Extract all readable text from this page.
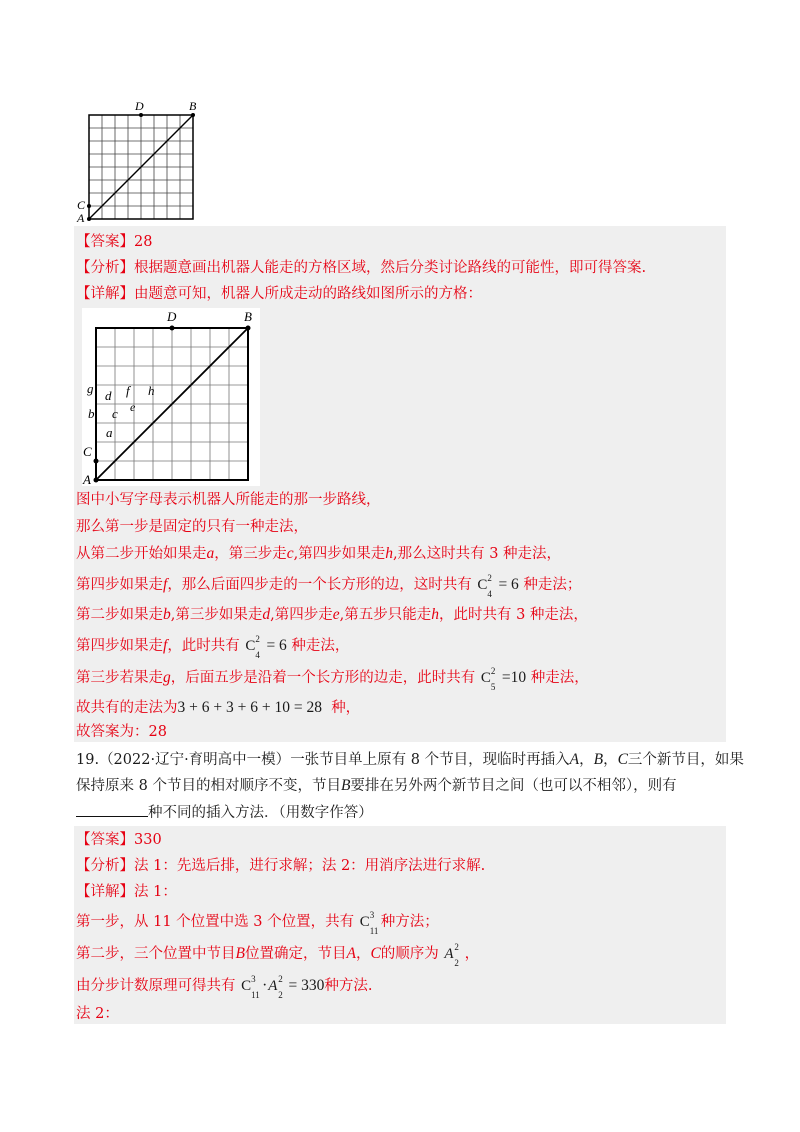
D	B
C
A
【答案】28
【分析】根据题意画出机器人能走的方格区域，然后分类讨论路线的可能性，即可得答案.
【详解】由题意可知，机器人所成走动的路线如图所示的方格：
D	B
C
A
g d f h
b c e
a
图中小写字母表示机器人所能走的那一步路线，
那么第一步是固定的只有一种走法，
从第二步开始如果走a，第三步走c,第四步如果走h,那么这时共有 3 种走法，
第四步如果走f，那么后面四步走的一个长方形的边，这时共有 C 2
4
= 6 种走法；
第二步如果走b,第三步如果走d,第四步走e,第五步只能走h，此时共有 3 种走法，
第四步如果走f，此时共有 C 2
4
= 6 种走法，
第三步若果走g，后面五步是沿着一个长方形的边走，此时共有 C 2
5
=10 种走法，
故共有的走法为3 + 6 + 3 + 6 + 10 = 28 种，
故答案为：28
19.（2022·辽宁·育明高中一模）一张节目单上原有 8 个节目，现临时再插入A，B，C三个新节目，如果
保持原来 8 个节目的相对顺序不变，节目B要排在另外两个新节目之间（也可以不相邻），则有
种不同的插入方法．（用数字作答）
【答案】330
【分析】法 1：先选后排，进行求解；法 2：用消序法进行求解.
【详解】法 1：
第一步，从 11 个位置中选 3 个位置，共有 C 3
11
种方法；
第二步，三个位置中节目B位置确定，节目A，C的顺序为 A 2
2
，
由分步计数原理可得共有 C 3
11
·A 2
2
= 330种方法.
法 2：
